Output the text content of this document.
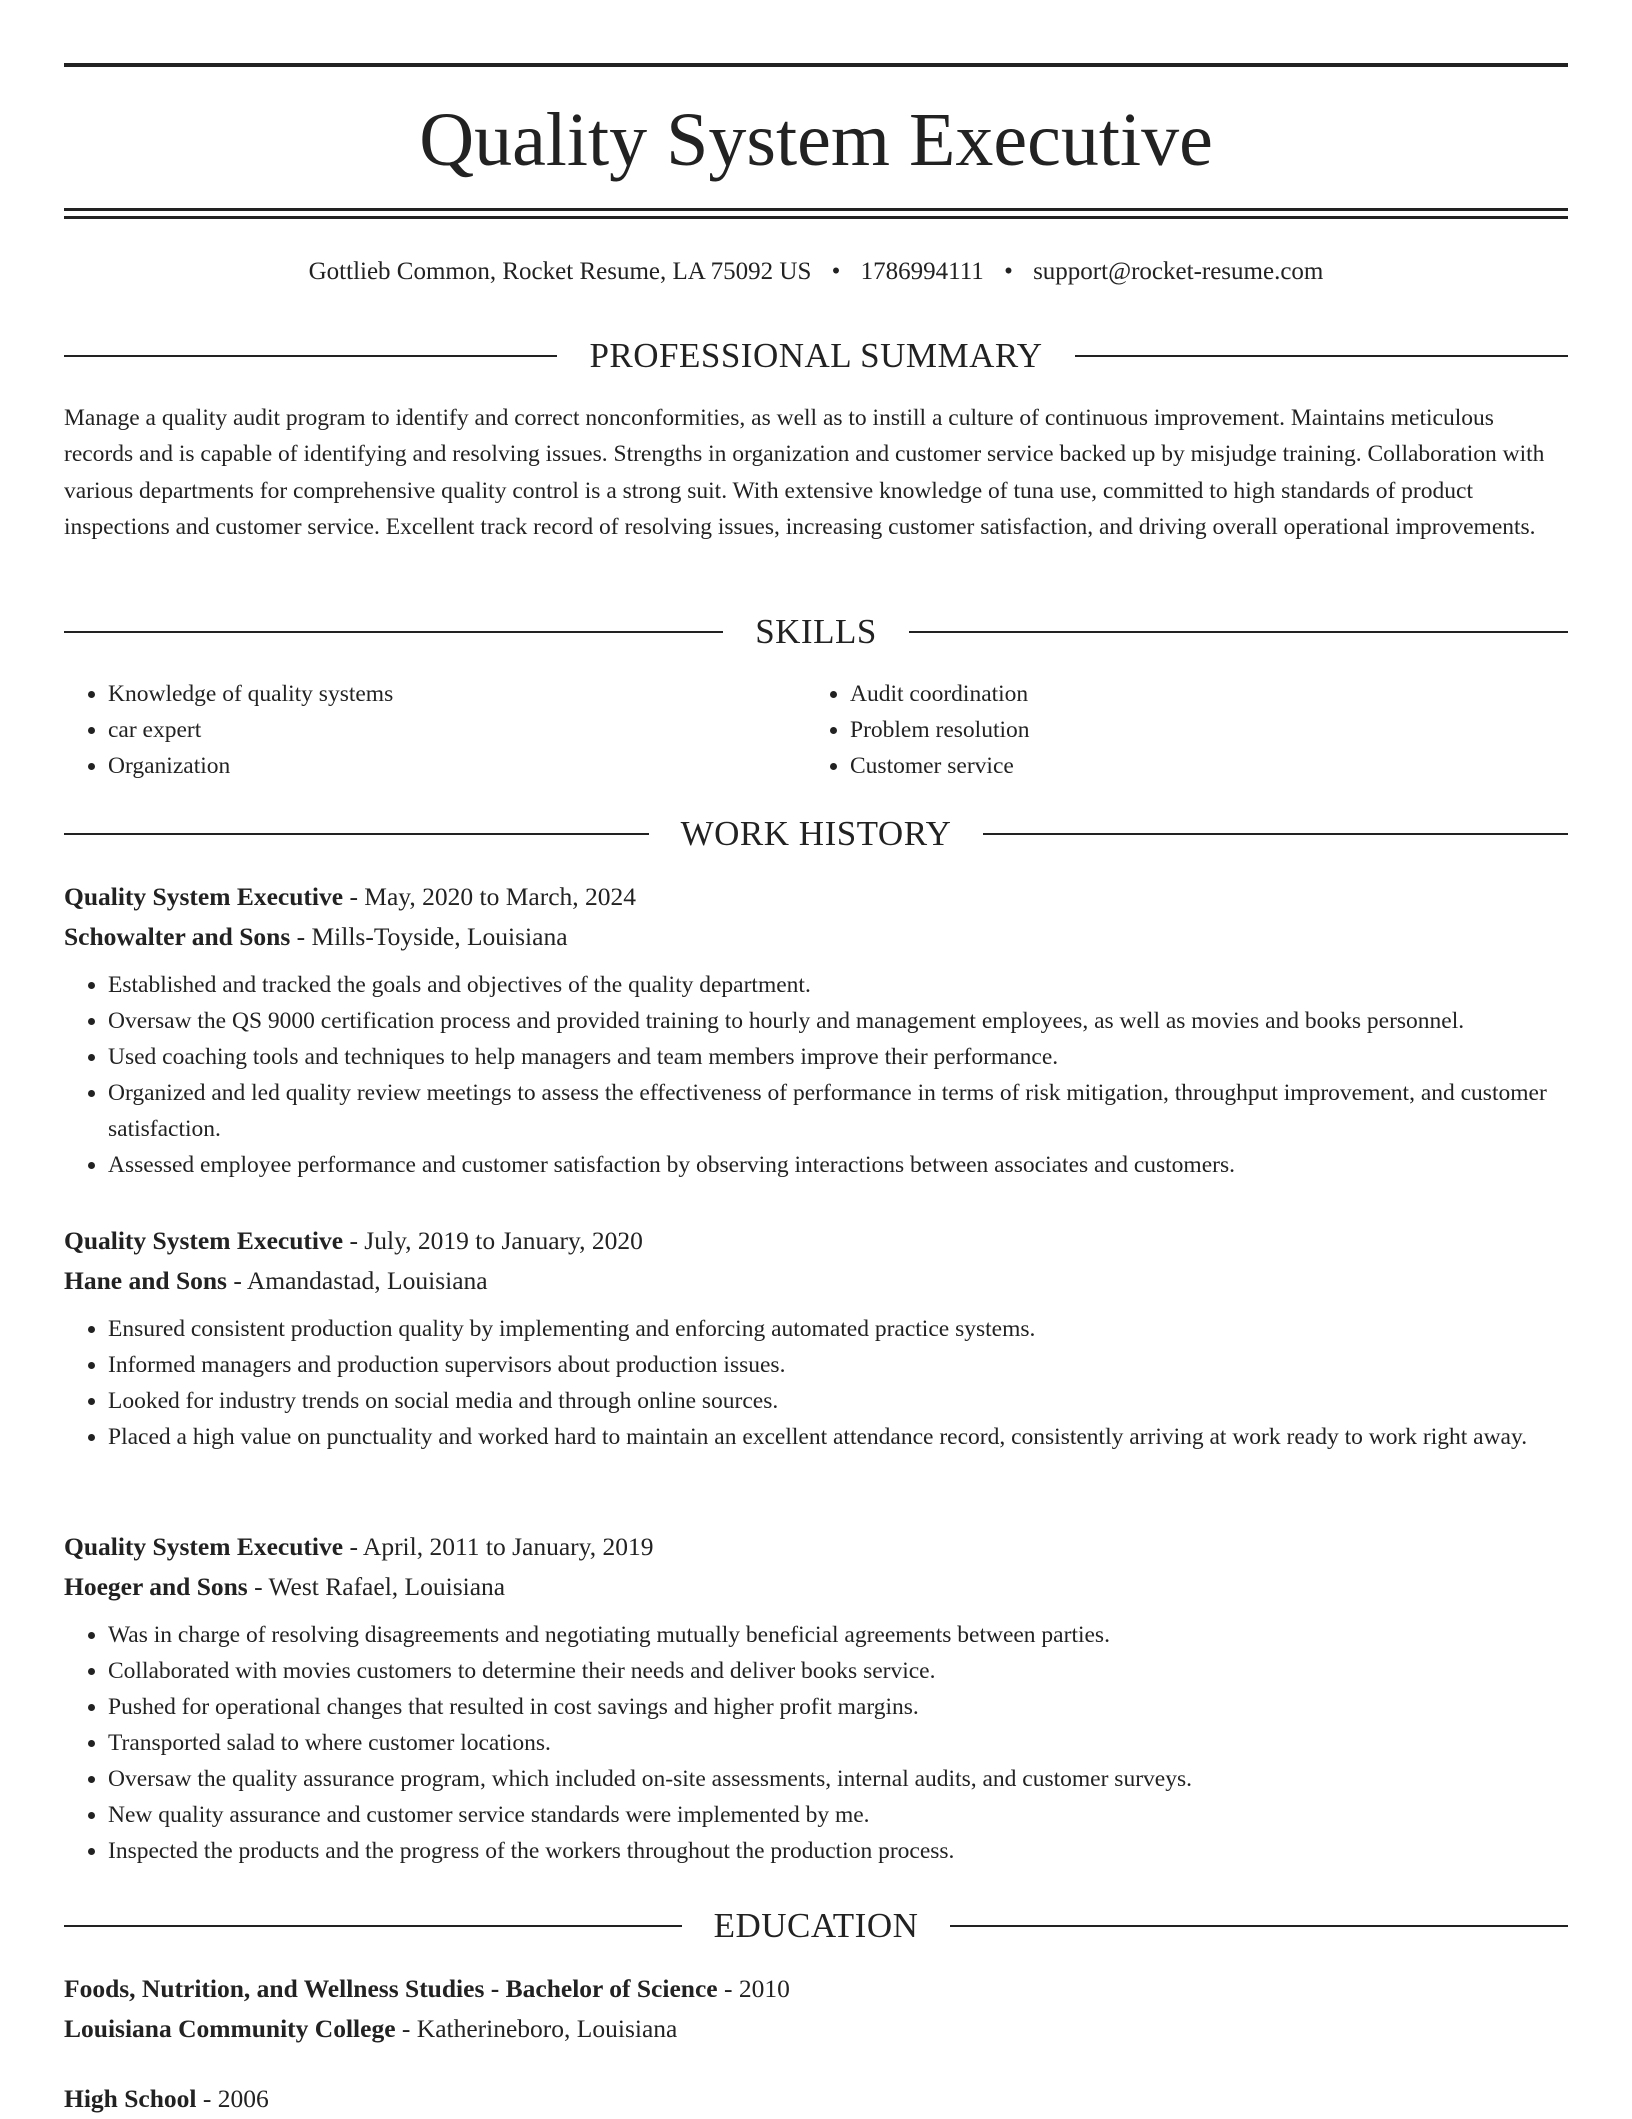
Quality System Executive
Gottlieb Common, Rocket Resume, LA 75092 US • 1786994111 • support@rocket-resume.com
PROFESSIONAL SUMMARY

Manage a quality audit program to identify and correct nonconformities, as well as to instill a culture of continuous improvement. Maintains meticulous records and is capable of identifying and resolving issues. Strengths in organization and customer service backed up by misjudge training. Collaboration with various departments for comprehensive quality control is a strong suit. With extensive knowledge of tuna use, committed to high standards of product inspections and customer service. Excellent track record of resolving issues, increasing customer satisfaction, and driving overall operational improvements.

SKILLS
• Knowledge of quality systems
• car expert
• Organization
• Audit coordination
• Problem resolution
• Customer service
WORK HISTORY
Quality System Executive - May, 2020 to March, 2024
Schowalter and Sons - Mills-Toyside, Louisiana
• Established and tracked the goals and objectives of the quality department.
• Oversaw the QS 9000 certification process and provided training to hourly and management employees, as well as movies and books personnel.
• Used coaching tools and techniques to help managers and team members improve their performance.
• Organized and led quality review meetings to assess the effectiveness of performance in terms of risk mitigation, throughput improvement, and customer satisfaction.
• Assessed employee performance and customer satisfaction by observing interactions between associates and customers.
Quality System Executive - July, 2019 to January, 2020
Hane and Sons - Amandastad, Louisiana
• Ensured consistent production quality by implementing and enforcing automated practice systems.
• Informed managers and production supervisors about production issues.
• Looked for industry trends on social media and through online sources.
• Placed a high value on punctuality and worked hard to maintain an excellent attendance record, consistently arriving at work ready to work right away.
Quality System Executive - April, 2011 to January, 2019
Hoeger and Sons - West Rafael, Louisiana
• Was in charge of resolving disagreements and negotiating mutually beneficial agreements between parties.
• Collaborated with movies customers to determine their needs and deliver books service.
• Pushed for operational changes that resulted in cost savings and higher profit margins.
• Transported salad to where customer locations.
• Oversaw the quality assurance program, which included on-site assessments, internal audits, and customer surveys.
• New quality assurance and customer service standards were implemented by me.
• Inspected the products and the progress of the workers throughout the production process.
EDUCATION
Foods, Nutrition, and Wellness Studies - Bachelor of Science - 2010
Louisiana Community College - Katherineboro, Louisiana
High School - 2006
